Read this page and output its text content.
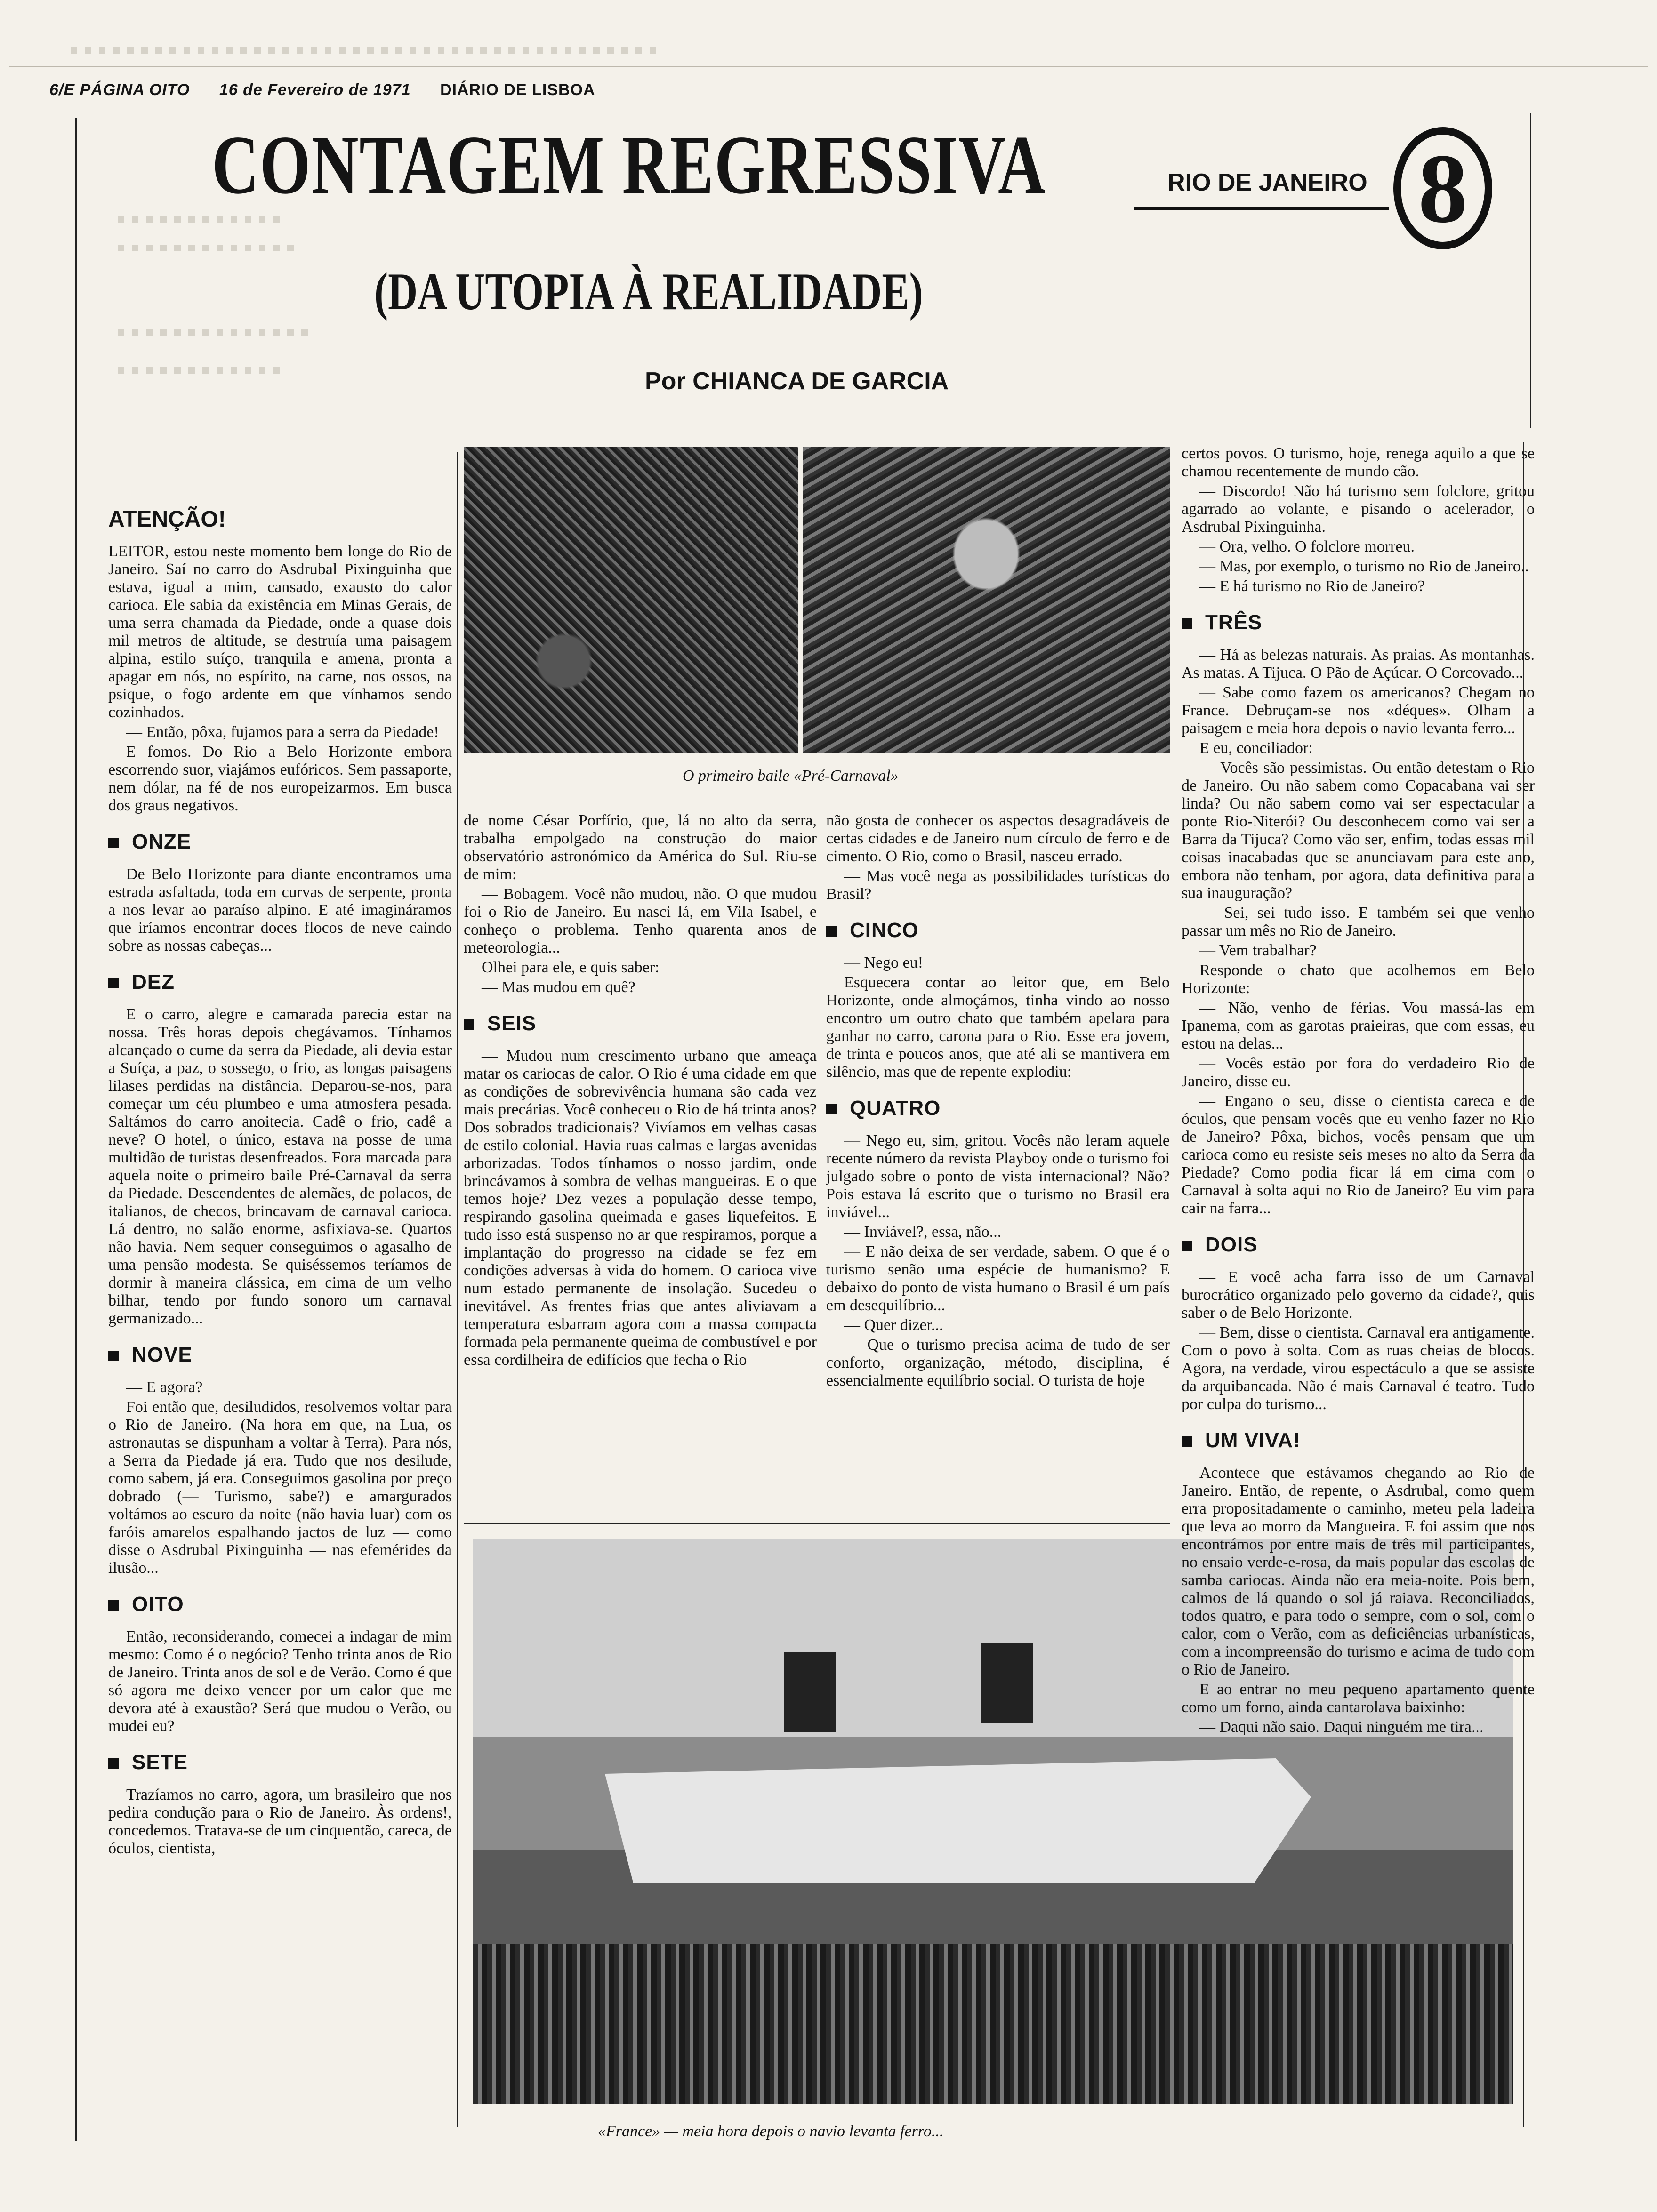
6/E PÁGINA OITO 16 de Fevereiro de 1971 DIÁRIO DE LISBOA
CONTAGEM REGRESSIVA
(DA UTOPIA À REALIDADE)
Por CHIANCA DE GARCIA
RIO DE JANEIRO 8
O primeiro baile «Pré-Carnaval»
«France» — meia hora depois o navio levanta ferro...
ATENÇÃO!

LEITOR, estou neste momento bem longe do Rio de Janeiro. Saí no carro do Asdrubal Pixinguinha que estava, igual a mim, cansado, exausto do calor carioca. Ele sabia da existência em Minas Gerais, de uma serra chamada da Piedade, onde a quase dois mil metros de altitude, se destruía uma paisagem alpina, estilo suíço, tranquila e amena, pronta a apagar em nós, no espírito, na carne, nos ossos, na psique, o fogo ardente em que vínhamos sendo cozinhados.

— Então, pôxa, fujamos para a serra da Piedade!

E fomos. Do Rio a Belo Horizonte embora escorrendo suor, viajámos eufóricos. Sem passaporte, nem dólar, na fé de nos europeizarmos. Em busca dos graus negativos.

ONZE

De Belo Horizonte para diante encontramos uma estrada asfaltada, toda em curvas de serpente, pronta a nos levar ao paraíso alpino. E até imagináramos que iríamos encontrar doces flocos de neve caindo sobre as nossas cabeças...

DEZ

E o carro, alegre e camarada parecia estar na nossa. Três horas depois chegávamos. Tínhamos alcançado o cume da serra da Piedade, ali devia estar a Suíça, a paz, o sossego, o frio, as longas paisagens lilases perdidas na distância. Deparou-se-nos, para começar um céu plumbeo e uma atmosfera pesada. Saltámos do carro anoitecia. Cadê o frio, cadê a neve? O hotel, o único, estava na posse de uma multidão de turistas desenfreados. Fora marcada para aquela noite o primeiro baile Pré-Carnaval da serra da Piedade. Descendentes de alemães, de polacos, de italianos, de checos, brincavam de carnaval carioca. Lá dentro, no salão enorme, asfixiava-se. Quartos não havia. Nem sequer conseguimos o agasalho de uma pensão modesta. Se quiséssemos teríamos de dormir à maneira clássica, em cima de um velho bilhar, tendo por fundo sonoro um carnaval germanizado...

NOVE

— E agora?

Foi então que, desiludidos, resolvemos voltar para o Rio de Janeiro. (Na hora em que, na Lua, os astronautas se dispunham a voltar à Terra). Para nós, a Serra da Piedade já era. Tudo que nos desilude, como sabem, já era. Conseguimos gasolina por preço dobrado (— Turismo, sabe?) e amargurados voltámos ao escuro da noite (não havia luar) com os faróis amarelos espalhando jactos de luz — como disse o Asdrubal Pixinguinha — nas efemérides da ilusão...

OITO

Então, reconsiderando, comecei a indagar de mim mesmo: Como é o negócio? Tenho trinta anos de Rio de Janeiro. Trinta anos de sol e de Verão. Como é que só agora me deixo vencer por um calor que me devora até à exaustão? Será que mudou o Verão, ou mudei eu?

SETE

Trazíamos no carro, agora, um brasileiro que nos pedira condução para o Rio de Janeiro. Às ordens!, concedemos. Tratava-se de um cinquentão, careca, de óculos, cientista,

de nome César Porfírio, que, lá no alto da serra, trabalha empolgado na construção do maior observatório astronómico da América do Sul. Riu-se de mim:

— Bobagem. Você não mudou, não. O que mudou foi o Rio de Janeiro. Eu nasci lá, em Vila Isabel, e conheço o problema. Tenho quarenta anos de meteorologia...

Olhei para ele, e quis saber:

— Mas mudou em quê?

SEIS

— Mudou num crescimento urbano que ameaça matar os cariocas de calor. O Rio é uma cidade em que as condições de sobrevivência humana são cada vez mais precárias. Você conheceu o Rio de há trinta anos? Dos sobrados tradicionais? Vivíamos em velhas casas de estilo colonial. Havia ruas calmas e largas avenidas arborizadas. Todos tínhamos o nosso jardim, onde brincávamos à sombra de velhas mangueiras. E o que temos hoje? Dez vezes a população desse tempo, respirando gasolina queimada e gases liquefeitos. E tudo isso está suspenso no ar que respiramos, porque a implantação do progresso na cidade se fez em condições adversas à vida do homem. O carioca vive num estado permanente de insolação. Sucedeu o inevitável. As frentes frias que antes aliviavam a temperatura esbarram agora com a massa compacta formada pela permanente queima de combustível e por essa cordilheira de edifícios que fecha o Rio

não gosta de conhecer os aspectos desagradáveis de certas cidades e de Janeiro num círculo de ferro e de cimento. O Rio, como o Brasil, nasceu errado.

— Mas você nega as possibilidades turísticas do Brasil?

CINCO

— Nego eu!

Esquecera contar ao leitor que, em Belo Horizonte, onde almoçámos, tinha vindo ao nosso encontro um outro chato que também apelara para ganhar no carro, carona para o Rio. Esse era jovem, de trinta e poucos anos, que até ali se mantivera em silêncio, mas que de repente explodiu:

QUATRO

— Nego eu, sim, gritou. Vocês não leram aquele recente número da revista Playboy onde o turismo foi julgado sobre o ponto de vista internacional? Não? Pois estava lá escrito que o turismo no Brasil era inviável...

— Inviável?, essa, não...

— E não deixa de ser verdade, sabem. O que é o turismo senão uma espécie de humanismo? E debaixo do ponto de vista humano o Brasil é um país em desequilíbrio...

— Quer dizer...

— Que o turismo precisa acima de tudo de ser conforto, organização, método, disciplina, é essencialmente equilíbrio social. O turista de hoje

certos povos. O turismo, hoje, renega aquilo a que se chamou recentemente de mundo cão.

— Discordo! Não há turismo sem folclore, gritou agarrado ao volante, e pisando o acelerador, o Asdrubal Pixinguinha.

— Ora, velho. O folclore morreu.

— Mas, por exemplo, o turismo no Rio de Janeiro..

— E há turismo no Rio de Janeiro?

TRÊS

— Há as belezas naturais. As praias. As montanhas. As matas. A Tijuca. O Pão de Açúcar. O Corcovado...

— Sabe como fazem os americanos? Chegam no France. Debruçam-se nos «déques». Olham a paisagem e meia hora depois o navio levanta ferro...

E eu, conciliador:

— Vocês são pessimistas. Ou então detestam o Rio de Janeiro. Ou não sabem como Copacabana vai ser linda? Ou não sabem como vai ser espectacular a ponte Rio-Niterói? Ou desconhecem como vai ser a Barra da Tijuca? Como vão ser, enfim, todas essas mil coisas inacabadas que se anunciavam para este ano, embora não tenham, por agora, data definitiva para a sua inauguração?

— Sei, sei tudo isso. E também sei que venho passar um mês no Rio de Janeiro.

— Vem trabalhar?

Responde o chato que acolhemos em Belo Horizonte:

— Não, venho de férias. Vou massá-las em Ipanema, com as garotas praieiras, que com essas, eu estou na delas...

— Vocês estão por fora do verdadeiro Rio de Janeiro, disse eu.

— Engano o seu, disse o cientista careca e de óculos, que pensam vocês que eu venho fazer no Rio de Janeiro? Pôxa, bichos, vocês pensam que um carioca como eu resiste seis meses no alto da Serra da Piedade? Como podia ficar lá em cima com o Carnaval à solta aqui no Rio de Janeiro? Eu vim para cair na farra...

DOIS

— E você acha farra isso de um Carnaval burocrático organizado pelo governo da cidade?, quis saber o de Belo Horizonte.

— Bem, disse o cientista. Carnaval era antigamente. Com o povo à solta. Com as ruas cheias de blocos. Agora, na verdade, virou espectáculo a que se assiste da arquibancada. Não é mais Carnaval é teatro. Tudo por culpa do turismo...

UM VIVA!

Acontece que estávamos chegando ao Rio de Janeiro. Então, de repente, o Asdrubal, como quem erra propositadamente o caminho, meteu pela ladeira que leva ao morro da Mangueira. E foi assim que nos encontrámos por entre mais de três mil participantes, no ensaio verde-e-rosa, da mais popular das escolas de samba cariocas. Ainda não era meia-noite. Pois bem, calmos de lá quando o sol já raiava. Reconciliados, todos quatro, e para todo o sempre, com o sol, com o calor, com o Verão, com as deficiências urbanísticas, com a incompreensão do turismo e acima de tudo com o Rio de Janeiro.

E ao entrar no meu pequeno apartamento quente como um forno, ainda cantarolava baixinho:

— Daqui não saio. Daqui ninguém me tira...
